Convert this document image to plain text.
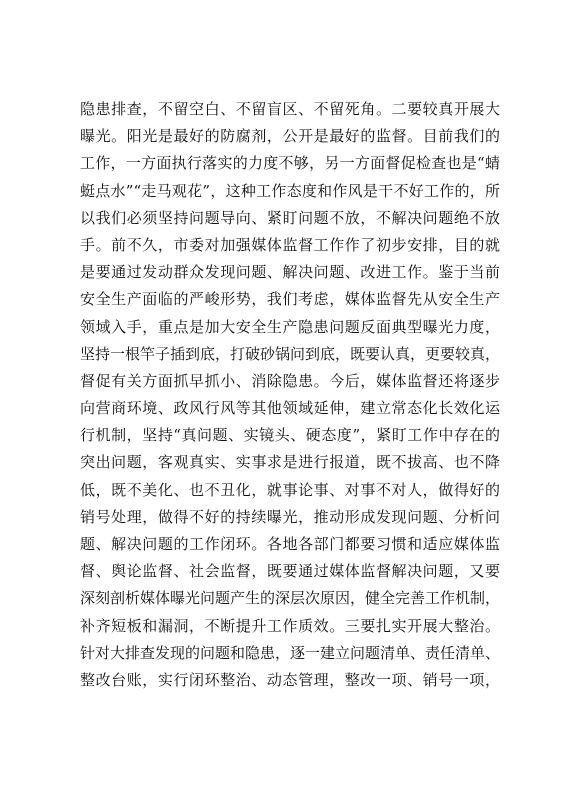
隐患排查，不留空白、不留盲区、不留死角。二要较真开展大
曝光。阳光是最好的防腐剂，公开是最好的监督。目前我们的
工作，一方面执行落实的力度不够，另一方面督促检查也是“蜻
蜓点水”“走马观花”，这种工作态度和作风是干不好工作的，所
以我们必须坚持问题导向、紧盯问题不放，不解决问题绝不放
手。前不久，市委对加强媒体监督工作作了初步安排，目的就
是要通过发动群众发现问题、解决问题、改进工作。鉴于当前
安全生产面临的严峻形势，我们考虑，媒体监督先从安全生产
领域入手，重点是加大安全生产隐患问题反面典型曝光力度，
坚持一根竿子插到底，打破砂锅问到底，既要认真，更要较真，
督促有关方面抓早抓小、消除隐患。今后，媒体监督还将逐步
向营商环境、政风行风等其他领域延伸，建立常态化长效化运
行机制，坚持“真问题、实镜头、硬态度”，紧盯工作中存在的
突出问题，客观真实、实事求是进行报道，既不拔高、也不降
低，既不美化、也不丑化，就事论事、对事不对人，做得好的
销号处理，做得不好的持续曝光，推动形成发现问题、分析问
题、解决问题的工作闭环。各地各部门都要习惯和适应媒体监
督、舆论监督、社会监督，既要通过媒体监督解决问题，又要
深刻剖析媒体曝光问题产生的深层次原因，健全完善工作机制，
补齐短板和漏洞，不断提升工作质效。三要扎实开展大整治。
针对大排查发现的问题和隐患，逐一建立问题清单、责任清单、
整改台账，实行闭环整治、动态管理，整改一项、销号一项，
